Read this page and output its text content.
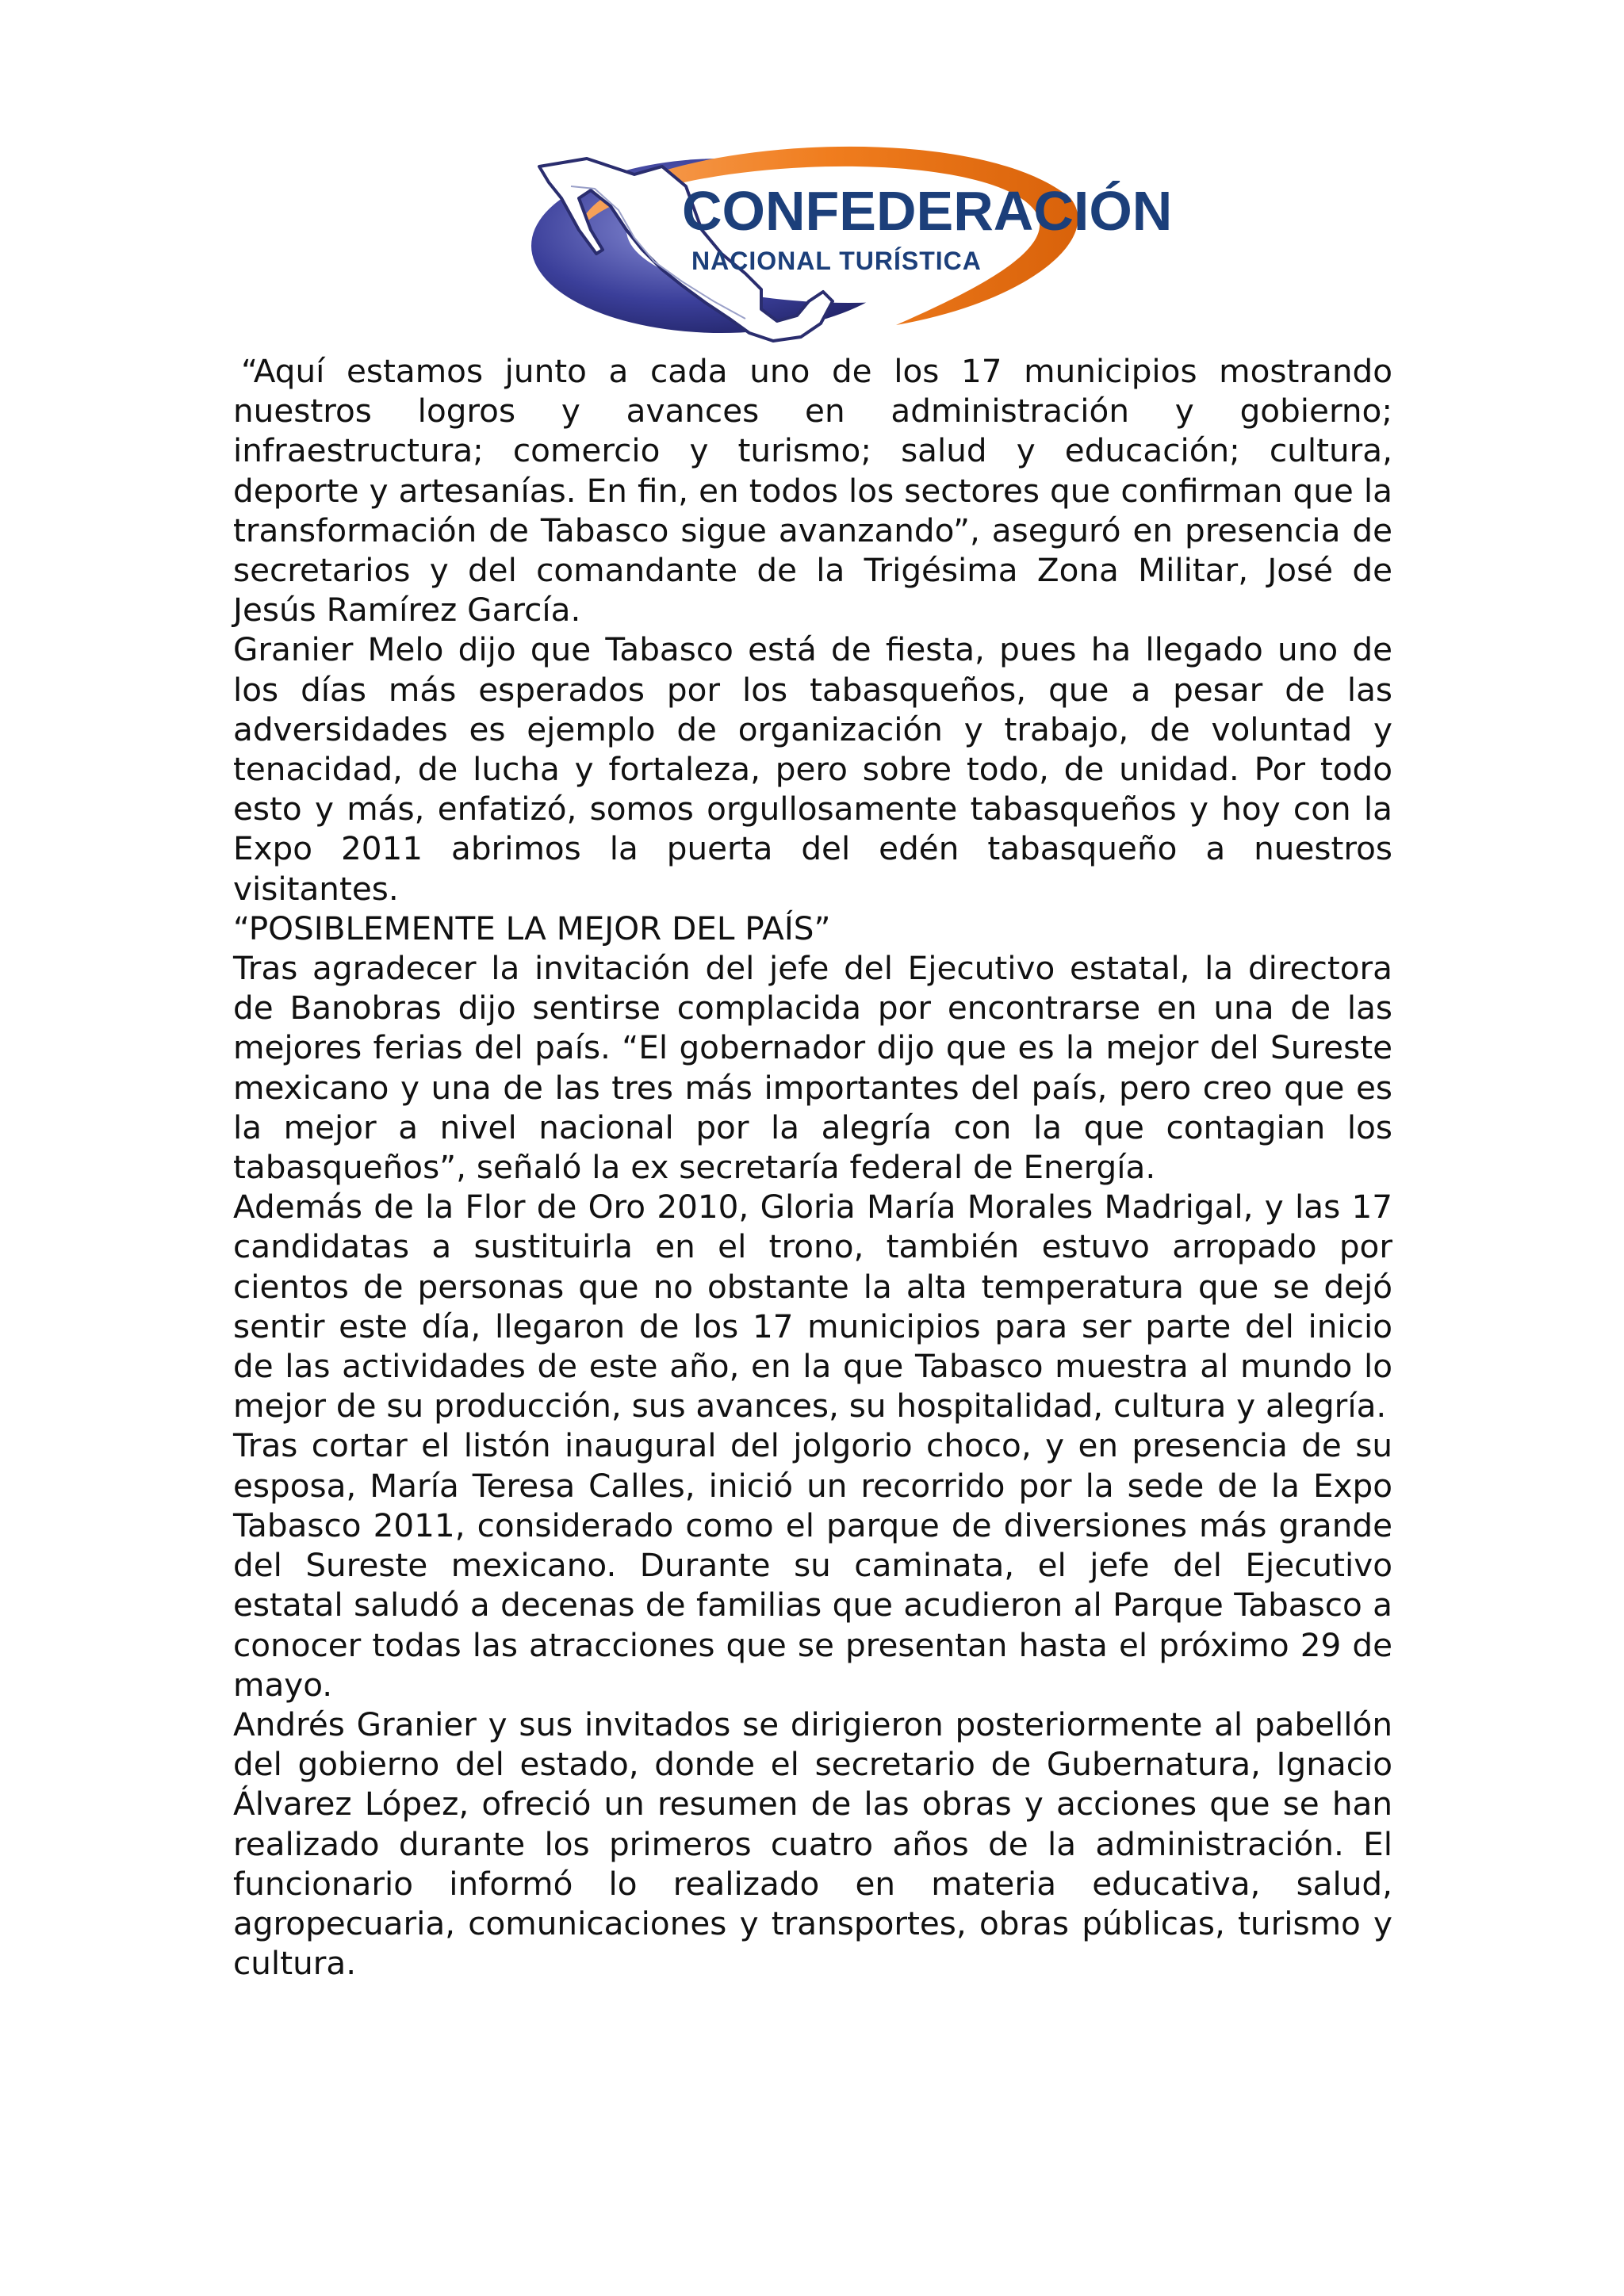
CONFEDERACIÓN
NACIONAL TURÍSTICA

“Aquí estamos junto a cada uno de los 17 municipios mostrando nuestros logros y avances en administración y gobierno; infraestructura; comercio y turismo; salud y educación; cultura, deporte y artesanías. En fin, en todos los sectores que confirman que la transformación de Tabasco sigue avanzando”, aseguró en presencia de secretarios y del comandante de la Trigésima Zona Militar, José de Jesús Ramírez García.

Granier Melo dijo que Tabasco está de fiesta, pues ha llegado uno de los días más esperados por los tabasqueños, que a pesar de las adversidades es ejemplo de organización y trabajo, de voluntad y tenacidad, de lucha y fortaleza, pero sobre todo, de unidad. Por todo esto y más, enfatizó, somos orgullosamente tabasqueños y hoy con la Expo 2011 abrimos la puerta del edén tabasqueño a nuestros visitantes.

“POSIBLEMENTE LA MEJOR DEL PAÍS”

Tras agradecer la invitación del jefe del Ejecutivo estatal, la directora de Banobras dijo sentirse complacida por encontrarse en una de las mejores ferias del país. “El gobernador dijo que es la mejor del Sureste mexicano y una de las tres más importantes del país, pero creo que es la mejor a nivel nacional por la alegría con la que contagian los tabasqueños”, señaló la ex secretaría federal de Energía.

Además de la Flor de Oro 2010, Gloria María Morales Madrigal, y las 17 candidatas a sustituirla en el trono, también estuvo arropado por cientos de personas que no obstante la alta temperatura que se dejó sentir este día, llegaron de los 17 municipios para ser parte del inicio de las actividades de este año, en la que Tabasco muestra al mundo lo mejor de su producción, sus avances, su hospitalidad, cultura y alegría.

Tras cortar el listón inaugural del jolgorio choco, y en presencia de su esposa, María Teresa Calles, inició un recorrido por la sede de la Expo Tabasco 2011, considerado como el parque de diversiones más grande del Sureste mexicano. Durante su caminata, el jefe del Ejecutivo estatal saludó a decenas de familias que acudieron al Parque Tabasco a conocer todas las atracciones que se presentan hasta el próximo 29 de mayo.

Andrés Granier y sus invitados se dirigieron posteriormente al pabellón del gobierno del estado, donde el secretario de Gubernatura, Ignacio Álvarez López, ofreció un resumen de las obras y acciones que se han realizado durante los primeros cuatro años de la administración. El funcionario informó lo realizado en materia educativa, salud, agropecuaria, comunicaciones y transportes, obras públicas, turismo y cultura.
